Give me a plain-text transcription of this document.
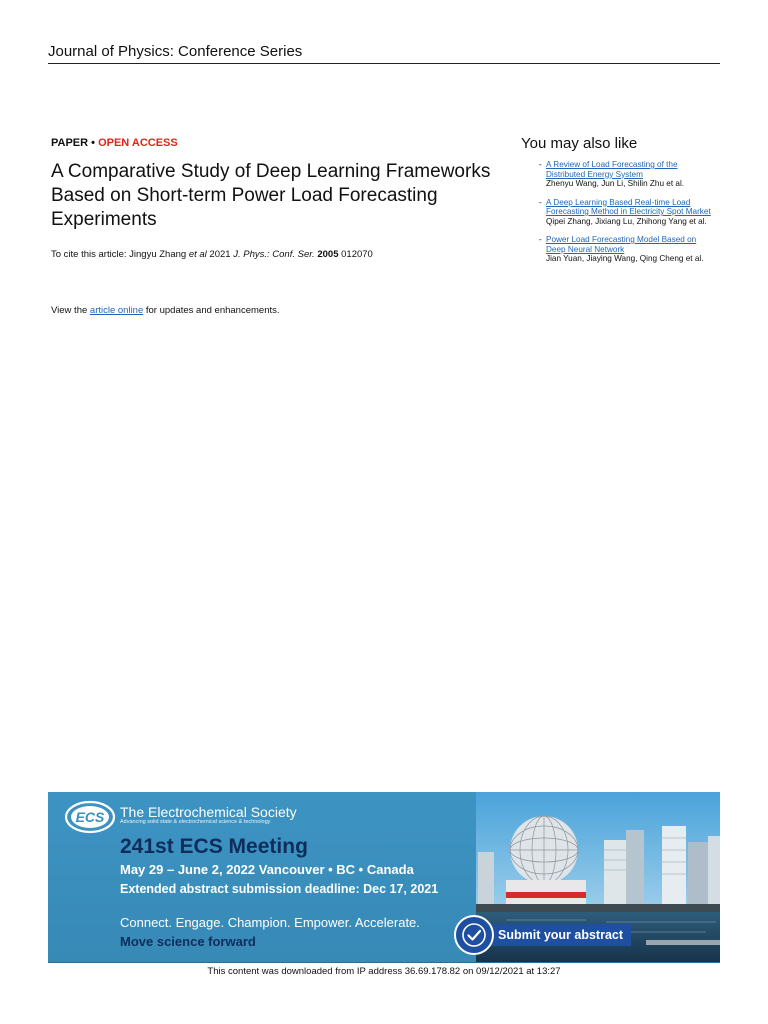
Journal of Physics: Conference Series
PAPER • OPEN ACCESS
A Comparative Study of Deep Learning Frameworks Based on Short-term Power Load Forecasting Experiments
To cite this article: Jingyu Zhang et al 2021 J. Phys.: Conf. Ser. 2005 012070
View the article online for updates and enhancements.
You may also like
- A Review of Load Forecasting of the Distributed Energy System
Zhenyu Wang, Jun Li, Shilin Zhu et al.
- A Deep Learning Based Real-time Load Forecasting Method in Electricity Spot Market
Qipei Zhang, Jixiang Lu, Zhihong Yang et al.
- Power Load Forecasting Model Based on Deep Neural Network
Jian Yuan, Jiaying Wang, Qing Cheng et al.
ECS The Electrochemical Society
Advancing solid state & electrochemical science & technology
241st ECS Meeting
May 29 – June 2, 2022 Vancouver • BC • Canada
Extended abstract submission deadline: Dec 17, 2021
Connect. Engage. Champion. Empower. Accelerate.
Move science forward	Submit your abstract
This content was downloaded from IP address 36.69.178.82 on 09/12/2021 at 13:27
